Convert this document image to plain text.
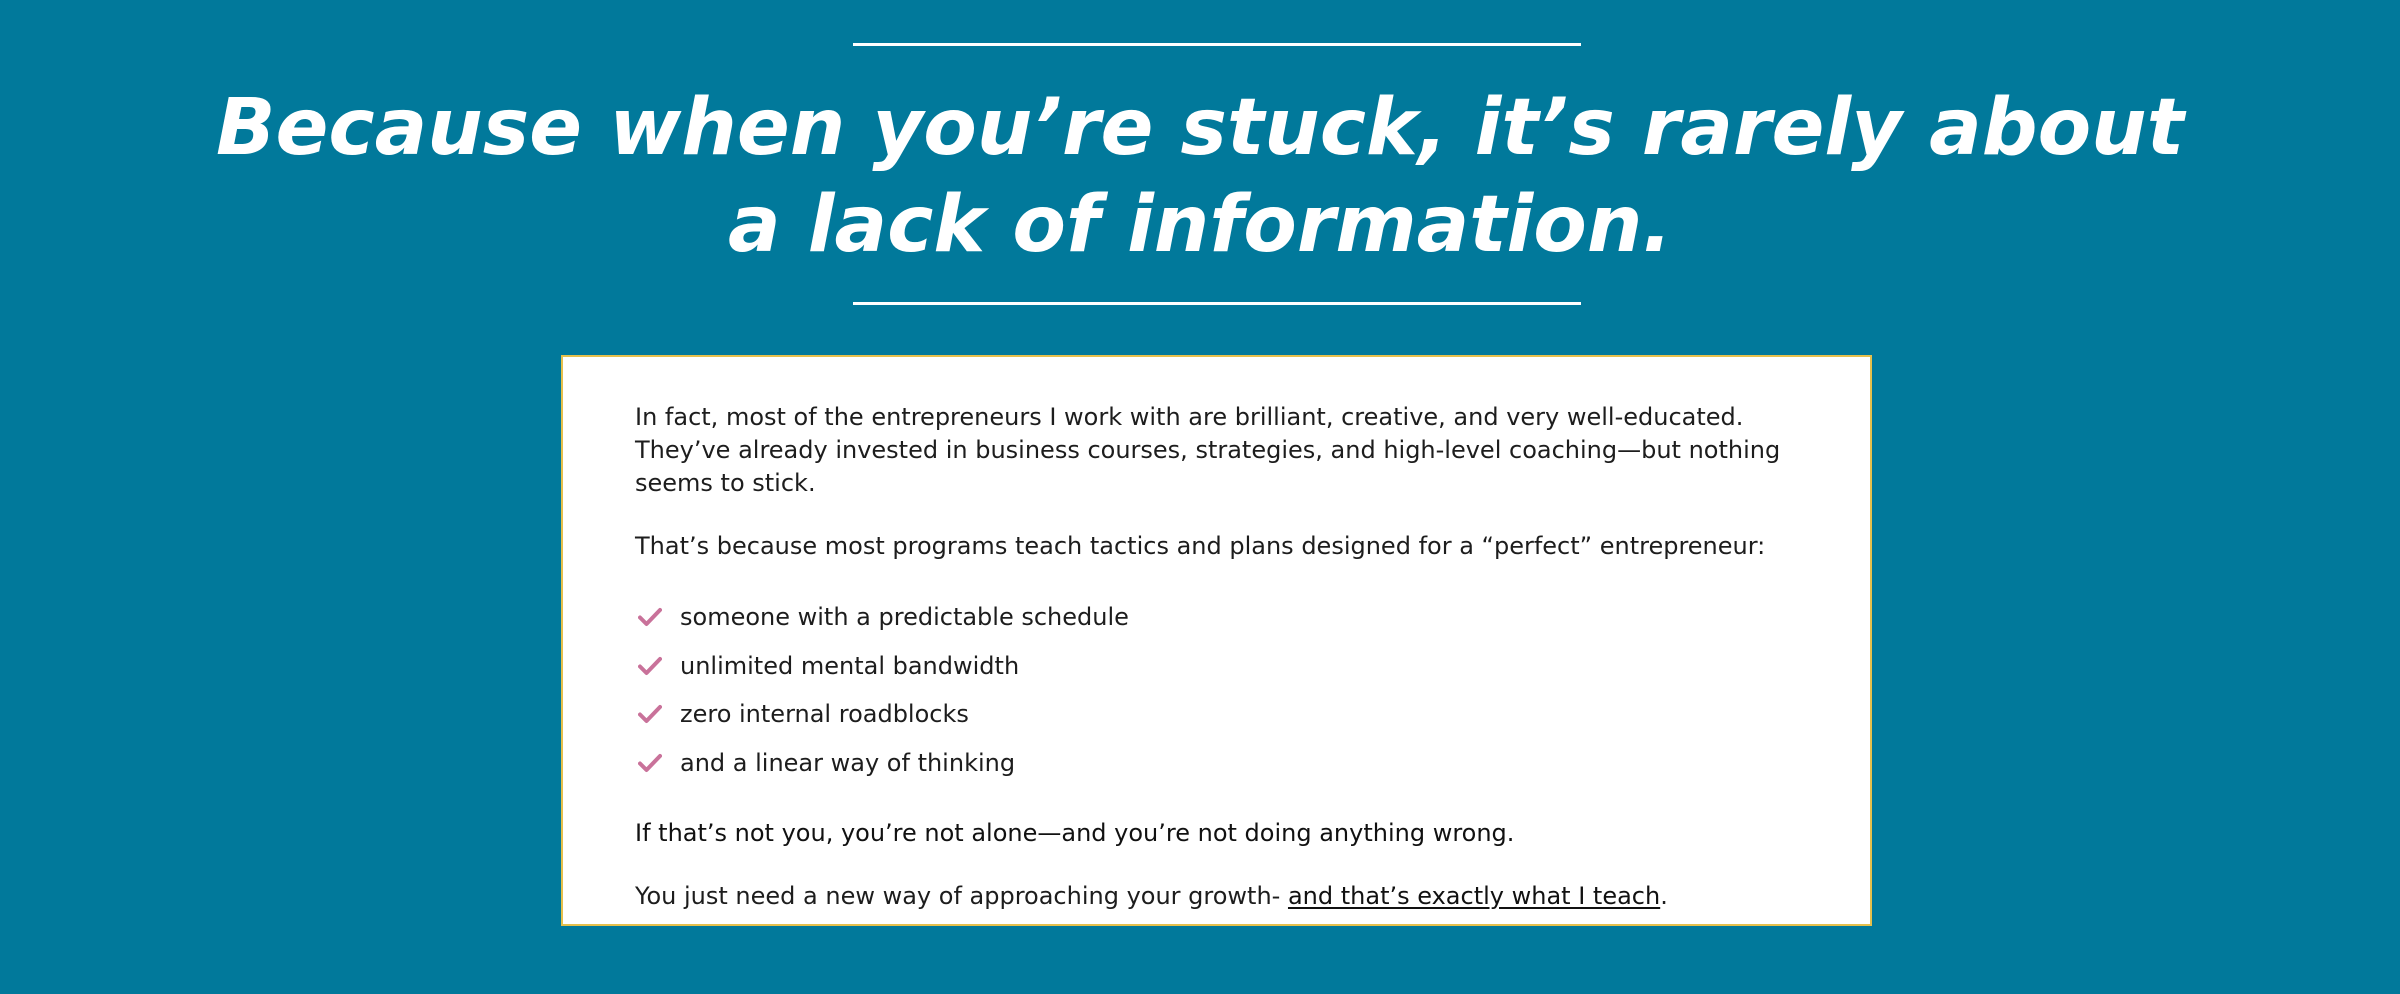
Because when you’re stuck, it’s rarely about
a lack of information.

In fact, most of the entrepreneurs I work with are brilliant, creative, and very well-educated. They’ve already invested in business courses, strategies, and high-level coaching—but nothing seems to stick.

That’s because most programs teach tactics and plans designed for a “perfect” entrepreneur:

someone with a predictable schedule
unlimited mental bandwidth
zero internal roadblocks
and a linear way of thinking

If that’s not you, you’re not alone—and you’re not doing anything wrong.

You just need a new way of approaching your growth- and that’s exactly what I teach.
